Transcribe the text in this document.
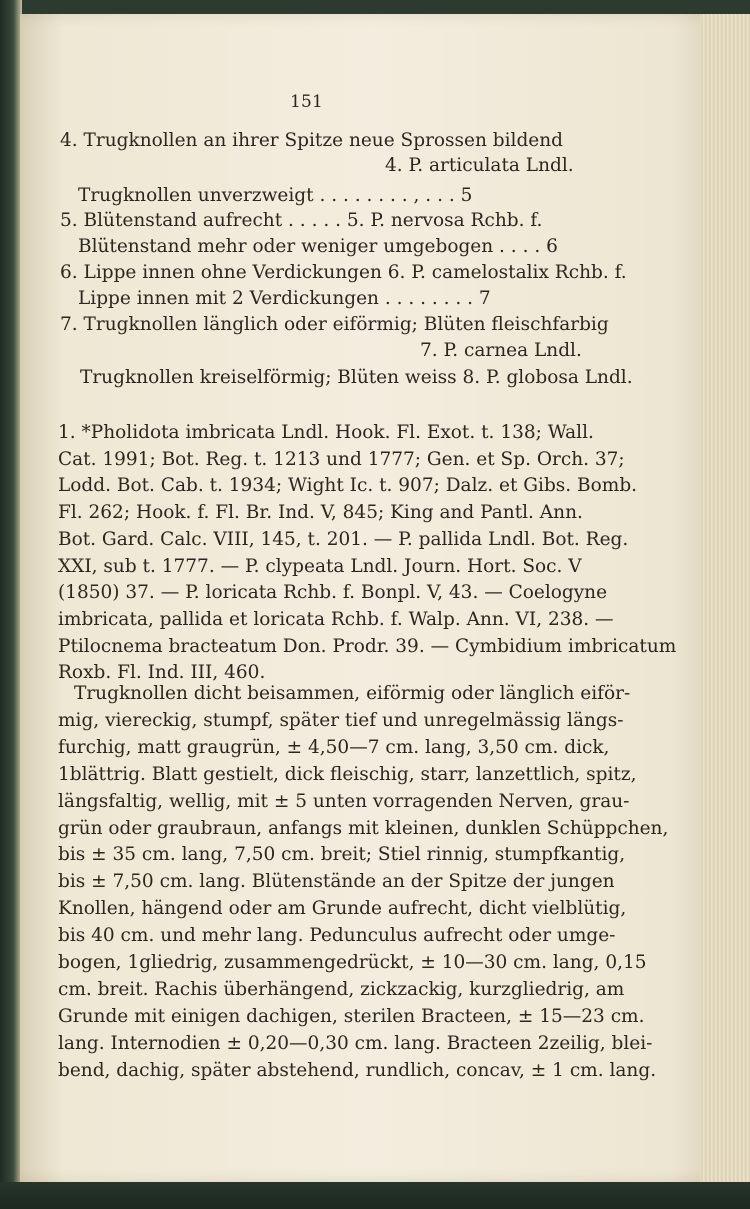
151
4. Trugknollen an ihrer Spitze neue Sprossen bildend
4. P. articulata Lndl.
Trugknollen unverzweigt . . . . . . . . , . . . 5
5. Blütenstand aufrecht . . . . . 5. P. nervosa Rchb. f.
Blütenstand mehr oder weniger umgebogen . . . . 6
6. Lippe innen ohne Verdickungen 6. P. camelostalix Rchb. f.
Lippe innen mit 2 Verdickungen . . . . . . . . 7
7. Trugknollen länglich oder eiförmig; Blüten fleischfarbig
7. P. carnea Lndl.
Trugknollen kreiselförmig; Blüten weiss 8. P. globosa Lndl.
1. *Pholidota imbricata Lndl. Hook. Fl. Exot. t. 138; Wall.
Cat. 1991; Bot. Reg. t. 1213 und 1777; Gen. et Sp. Orch. 37;
Lodd. Bot. Cab. t. 1934; Wight Ic. t. 907; Dalz. et Gibs. Bomb.
Fl. 262; Hook. f. Fl. Br. Ind. V, 845; King and Pantl. Ann.
Bot. Gard. Calc. VIII, 145, t. 201. — P. pallida Lndl. Bot. Reg.
XXI, sub t. 1777. — P. clypeata Lndl. Journ. Hort. Soc. V
(1850) 37. — P. loricata Rchb. f. Bonpl. V, 43. — Coelogyne
imbricata, pallida et loricata Rchb. f. Walp. Ann. VI, 238. —
Ptilocnema bracteatum Don. Prodr. 39. — Cymbidium imbricatum
Roxb. Fl. Ind. III, 460.
Trugknollen dicht beisammen, eiförmig oder länglich eiför-
mig, viereckig, stumpf, später tief und unregelmässig längs-
furchig, matt graugrün, ± 4,50—7 cm. lang, 3,50 cm. dick,
1blättrig. Blatt gestielt, dick fleischig, starr, lanzettlich, spitz,
längsfaltig, wellig, mit ± 5 unten vorragenden Nerven, grau-
grün oder graubraun, anfangs mit kleinen, dunklen Schüppchen,
bis ± 35 cm. lang, 7,50 cm. breit; Stiel rinnig, stumpfkantig,
bis ± 7,50 cm. lang. Blütenstände an der Spitze der jungen
Knollen, hängend oder am Grunde aufrecht, dicht vielblütig,
bis 40 cm. und mehr lang. Pedunculus aufrecht oder umge-
bogen, 1gliedrig, zusammengedrückt, ± 10—30 cm. lang, 0,15
cm. breit. Rachis überhängend, zickzackig, kurzgliedrig, am
Grunde mit einigen dachigen, sterilen Bracteen, ± 15—23 cm.
lang. Internodien ± 0,20—0,30 cm. lang. Bracteen 2zeilig, blei-
bend, dachig, später abstehend, rundlich, concav, ± 1 cm. lang.
